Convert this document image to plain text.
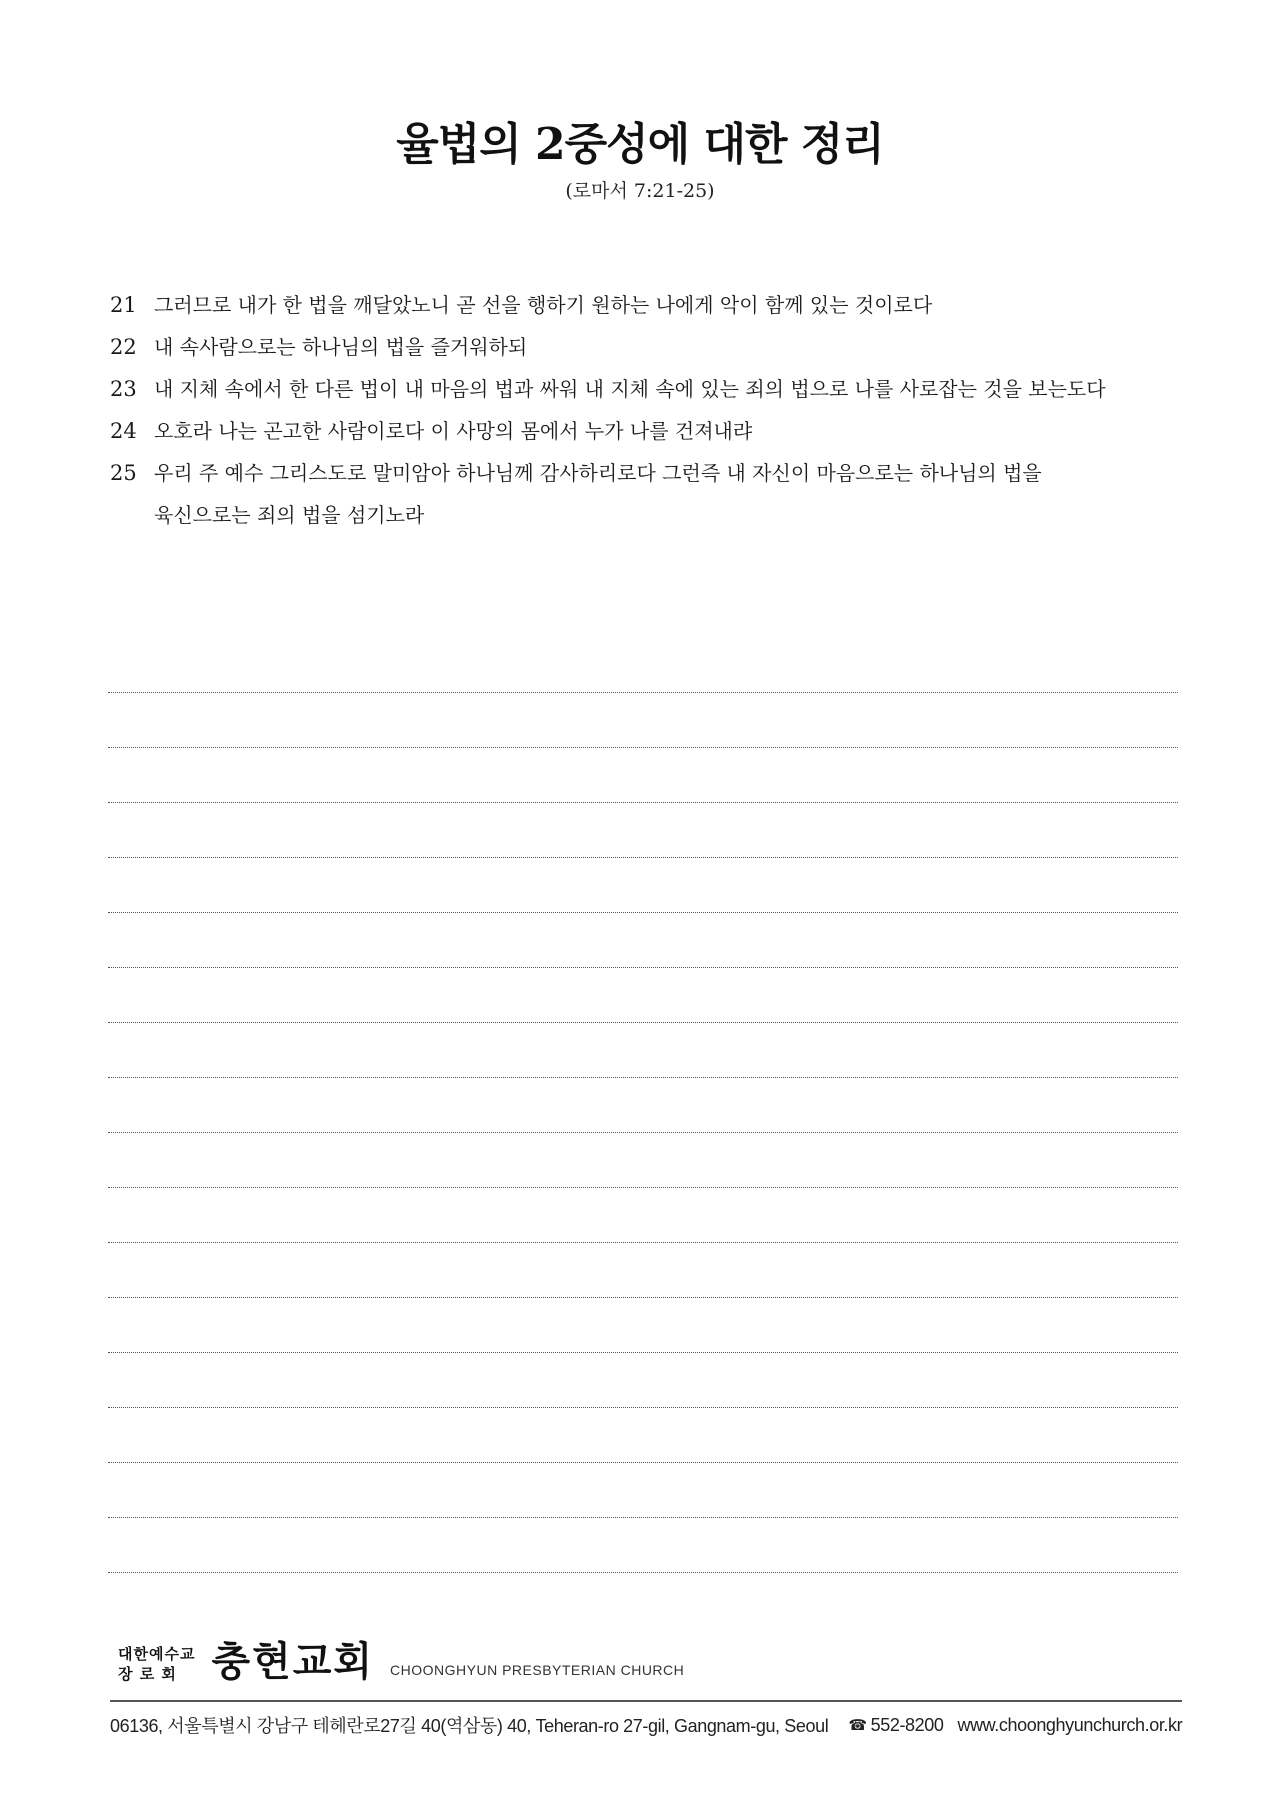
율법의 2중성에 대한 정리
(로마서 7:21-25)
21 그러므로 내가 한 법을 깨달았노니 곧 선을 행하기 원하는 나에게 악이 함께 있는 것이로다
22 내 속사람으로는 하나님의 법을 즐거워하되
23 내 지체 속에서 한 다른 법이 내 마음의 법과 싸워 내 지체 속에 있는 죄의 법으로 나를 사로잡는 것을 보는도다
24 오호라 나는 곤고한 사람이로다 이 사망의 몸에서 누가 나를 건져내랴
25 우리 주 예수 그리스도로 말미암아 하나님께 감사하리로다 그런즉 내 자신이 마음으로는 하나님의 법을
육신으로는 죄의 법을 섬기노라
대한예수교
장 로 회 충현교회 CHOONGHYUN PRESBYTERIAN CHURCH
06136, 서울특별시 강남구 테헤란로27길 40(역삼동) 40, Teheran-ro 27-gil, Gangnam-gu, Seoul ☎ 552-8200 www.choonghyunchurch.or.kr
